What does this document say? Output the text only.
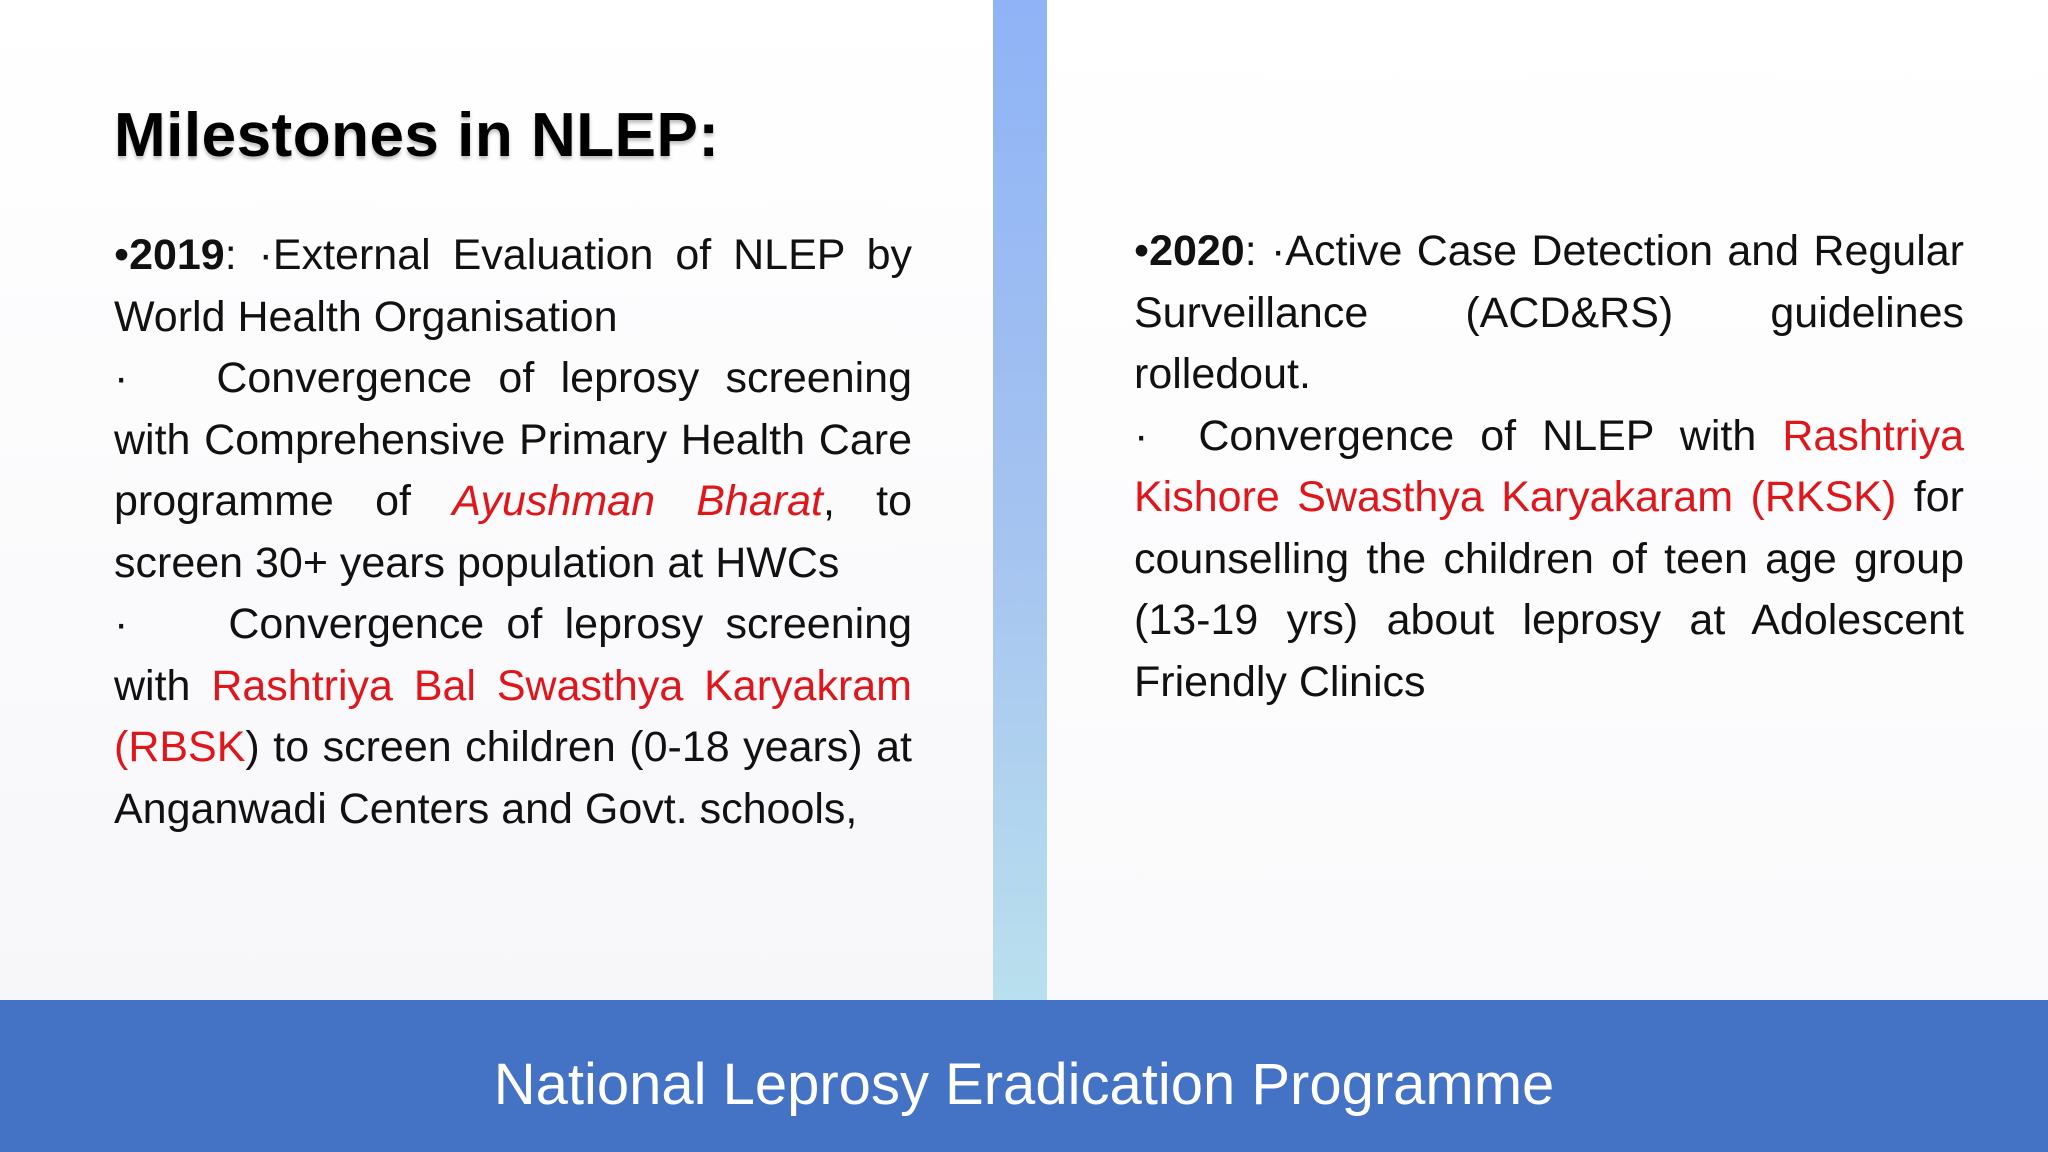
Milestones in NLEP:

•2019: ·External Evaluation of NLEP by World Health Organisation

· Convergence of leprosy screening with Comprehensive Primary Health Care programme of Ayushman Bharat, to screen 30+ years population at HWCs

· Convergence of leprosy screening with Rashtriya Bal Swasthya Karyakram (RBSK) to screen children (0-18 years) at Anganwadi Centers and Govt. schools,

•2020: ·Active Case Detection and Regular Surveillance (ACD&RS) guidelines rolledout.

· Convergence of NLEP with Rashtriya Kishore Swasthya Karyakaram (RKSK) for counselling the children of teen age group (13-19 yrs) about leprosy at Adolescent Friendly Clinics

National Leprosy Eradication Programme
